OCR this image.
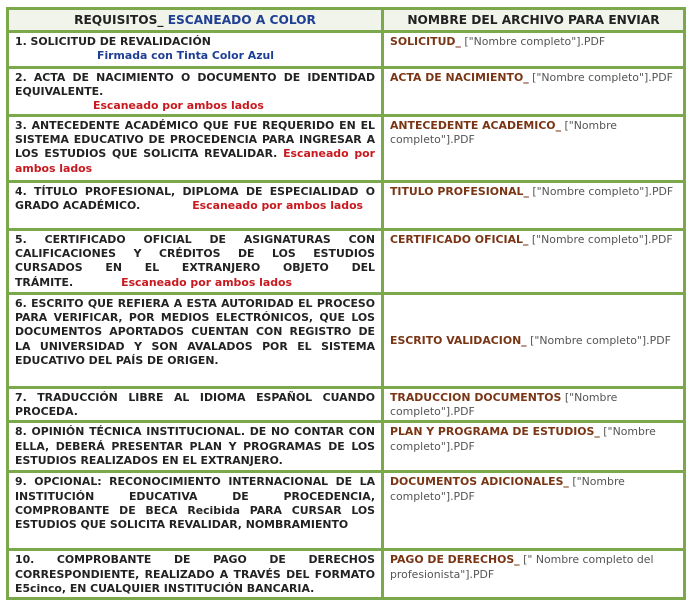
REQUISITOS_ ESCANEADO A COLOR	NOMBRE DEL ARCHIVO PARA ENVIAR
1. SOLICITUD DE REVALIDACIÓN
Firmada con Tinta Color Azul	SOLICITUD_ ["Nombre completo"].PDF
2. ACTA DE NACIMIENTO O DOCUMENTO DE IDENTIDAD EQUIVALENTE.
Escaneado por ambos lados	ACTA DE NACIMIENTO_ ["Nombre completo"].PDF
3. ANTECEDENTE ACADÉMICO QUE FUE REQUERIDO EN EL SISTEMA EDUCATIVO DE PROCEDENCIA PARA INGRESAR A LOS ESTUDIOS QUE SOLICITA REVALIDAR. Escaneado por ambos lados	ANTECEDENTE ACADEMICO_ ["Nombre completo"].PDF
4. TÍTULO PROFESIONAL, DIPLOMA DE ESPECIALIDAD O GRADO ACADÉMICO. Escaneado por ambos lados	TITULO PROFESIONAL_ ["Nombre completo"].PDF
5. CERTIFICADO OFICIAL DE ASIGNATURAS CON CALIFICACIONES Y CRÉDITOS DE LOS ESTUDIOS CURSADOS EN EL EXTRANJERO OBJETO DEL TRÁMITE. Escaneado por ambos lados	CERTIFICADO OFICIAL_ ["Nombre completo"].PDF
6. ESCRITO QUE REFIERA A ESTA AUTORIDAD EL PROCESO PARA VERIFICAR, POR MEDIOS ELECTRÓNICOS, QUE LOS DOCUMENTOS APORTADOS CUENTAN CON REGISTRO DE LA UNIVERSIDAD Y SON AVALADOS POR EL SISTEMA EDUCATIVO DEL PAÍS DE ORIGEN.	ESCRITO VALIDACION_ ["Nombre completo"].PDF
7. TRADUCCIÓN LIBRE AL IDIOMA ESPAÑOL CUANDO PROCEDA.	TRADUCCION DOCUMENTOS ["Nombre completo"].PDF
8. OPINIÓN TÉCNICA INSTITUCIONAL. DE NO CONTAR CON ELLA, DEBERÁ PRESENTAR PLAN Y PROGRAMAS DE LOS ESTUDIOS REALIZADOS EN EL EXTRANJERO.	PLAN Y PROGRAMA DE ESTUDIOS_ ["Nombre completo"].PDF
9. OPCIONAL: RECONOCIMIENTO INTERNACIONAL DE LA INSTITUCIÓN EDUCATIVA DE PROCEDENCIA, COMPROBANTE DE BECA Recibida PARA CURSAR LOS ESTUDIOS QUE SOLICITA REVALIDAR, NOMBRAMIENTO	DOCUMENTOS ADICIONALES_ ["Nombre completo"].PDF
10. COMPROBANTE DE PAGO DE DERECHOS CORRESPONDIENTE, REALIZADO A TRAVÉS DEL FORMATO E5cinco, EN CUALQUIER INSTITUCIÓN BANCARIA.	PAGO DE DERECHOS_ [" Nombre completo del profesionista"].PDF
